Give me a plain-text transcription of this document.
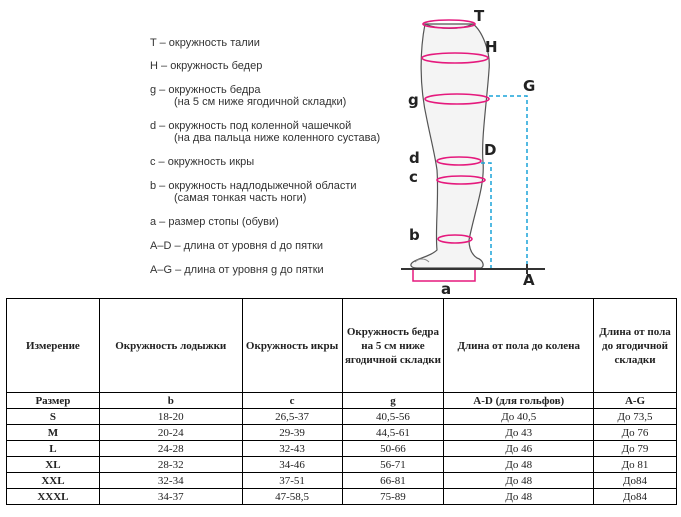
T – окружность талии
H – окружность бедер
g – окружность бедра
(на 5 см ниже ягодичной складки)
d – окружность под коленной чашечкой
(на два пальца ниже коленного сустава)
c – окружность икры
b – окружность надлодыжечной области
(самая тонкая часть ноги)
a – размер стопы (обуви)
A–D – длина от уровня d до пятки
A–G – длина от уровня g до пятки
T
H
G
g
d	D
c
b
a	A
Измерение	Окружность лодыжки	Окружность икры	Окружность бедра на 5 см ниже ягодичной складки	Длина от пола до колена	Длина от пола до ягодичной складки
Размер	b	c	g	A-D (для гольфов)	A-G
S	18-20	26,5-37	40,5-56	До 40,5	До 73,5
M	20-24	29-39	44,5-61	До 43	До 76
L	24-28	32-43	50-66	До 46	До 79
XL	28-32	34-46	56-71	До 48	До 81
XXL	32-34	37-51	66-81	До 48	До84
XXXL	34-37	47-58,5	75-89	До 48	До84
